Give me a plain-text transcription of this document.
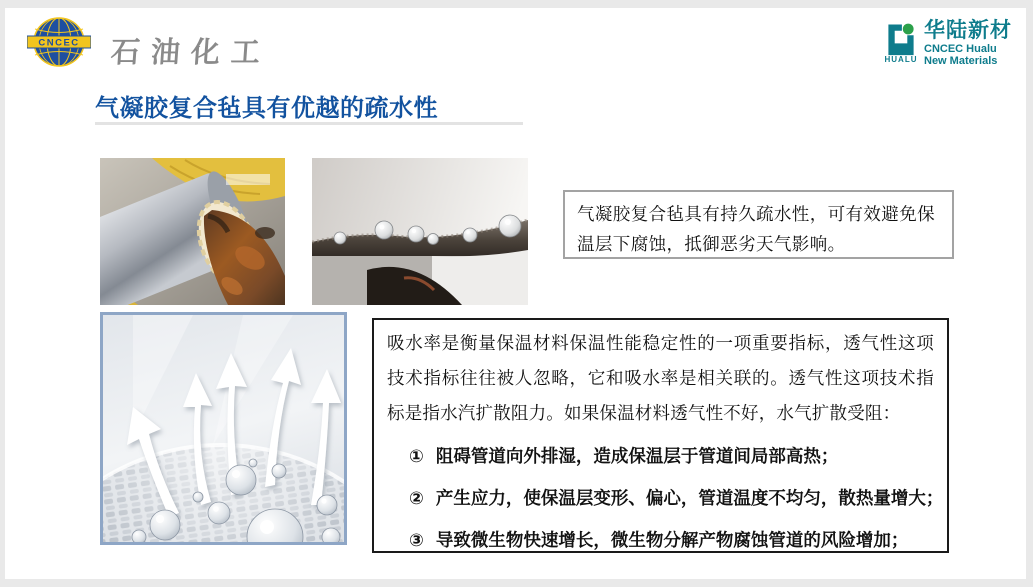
CNCEC 石油化工	HUALU
华陆新材
CNCEC Hualu
New Materials
气凝胶复合毡具有优越的疏水性
气凝胶复合毡具有持久疏水性，可有效避免保温层下腐蚀，抵御恶劣天气影响。

吸水率是衡量保温材料保温性能稳定性的一项重要指标，透气性这项　技术指标往往被人忽略，它和吸水率是相关联的。透气性这项技术指标是指水汽扩散阻力。如果保温材料透气性不好，水气扩散受阻：

① 阻碍管道向外排湿，造成保温层于管道间局部高热；
② 产生应力，使保温层变形、偏心，管道温度不均匀，散热量增大；
③ 导致微生物快速增长，微生物分解产物腐蚀管道的风险增加；
